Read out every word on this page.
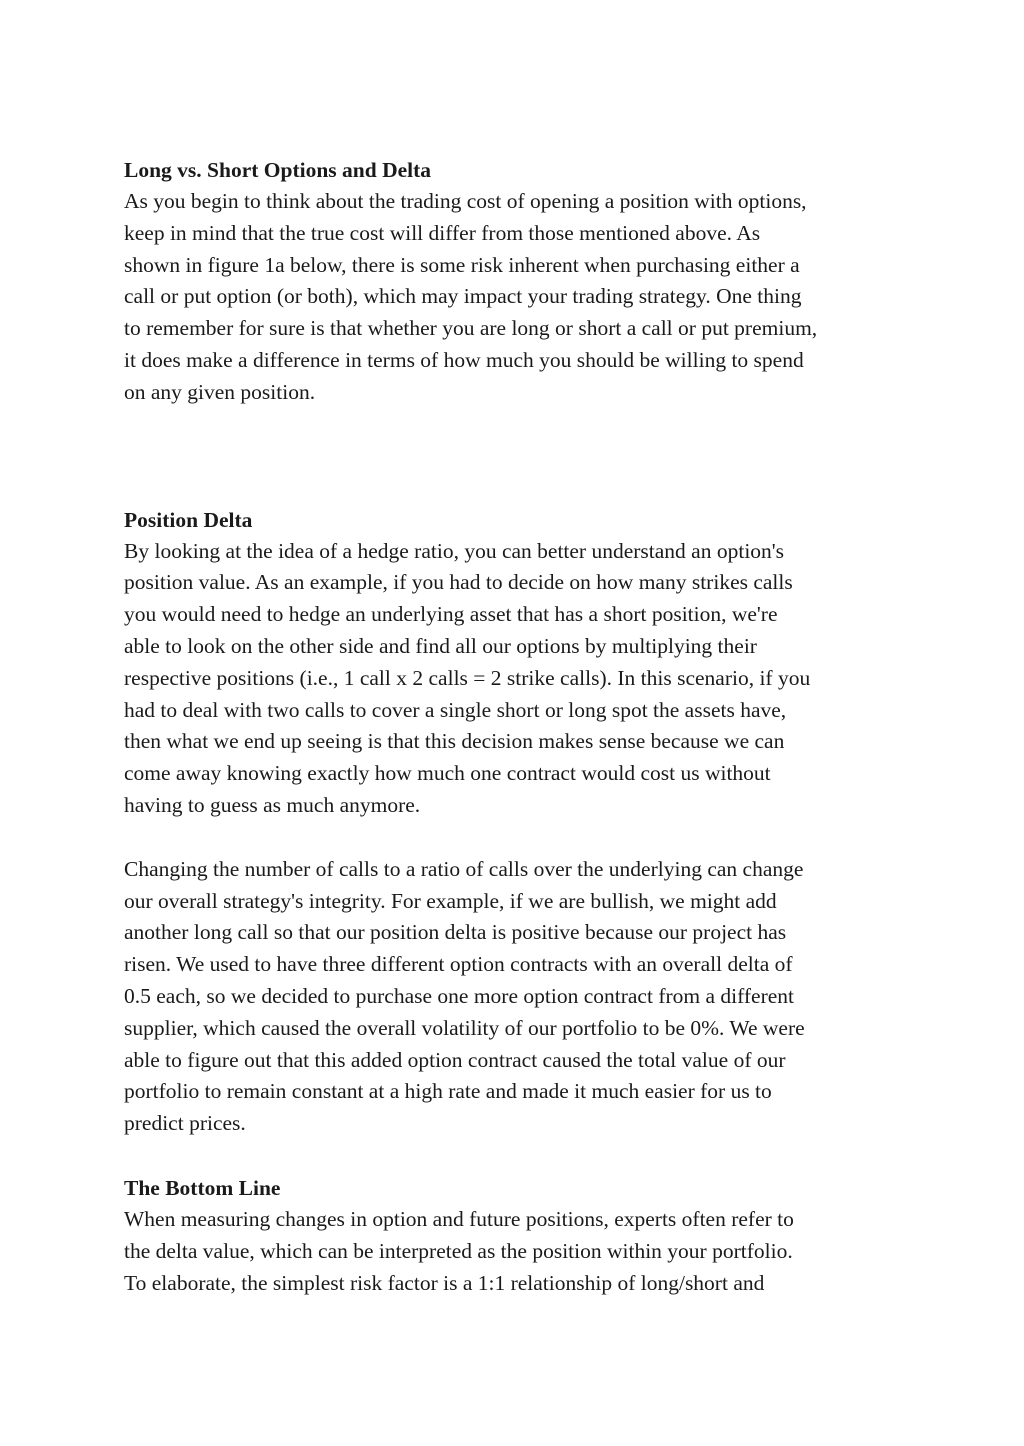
Long vs. Short Options and Delta

As you begin to think about the trading cost of opening a position with options,
keep in mind that the true cost will differ from those mentioned above. As
shown in figure 1a below, there is some risk inherent when purchasing either a
call or put option (or both), which may impact your trading strategy. One thing
to remember for sure is that whether you are long or short a call or put premium,
it does make a difference in terms of how much you should be willing to spend
on any given position.

Position Delta

By looking at the idea of a hedge ratio, you can better understand an option's
position value. As an example, if you had to decide on how many strikes calls
you would need to hedge an underlying asset that has a short position, we're
able to look on the other side and find all our options by multiplying their
respective positions (i.e., 1 call x 2 calls = 2 strike calls). In this scenario, if you
had to deal with two calls to cover a single short or long spot the assets have,
then what we end up seeing is that this decision makes sense because we can
come away knowing exactly how much one contract would cost us without
having to guess as much anymore.

Changing the number of calls to a ratio of calls over the underlying can change
our overall strategy's integrity. For example, if we are bullish, we might add
another long call so that our position delta is positive because our project has
risen. We used to have three different option contracts with an overall delta of
0.5 each, so we decided to purchase one more option contract from a different
supplier, which caused the overall volatility of our portfolio to be 0%. We were
able to figure out that this added option contract caused the total value of our
portfolio to remain constant at a high rate and made it much easier for us to
predict prices.

The Bottom Line

When measuring changes in option and future positions, experts often refer to
the delta value, which can be interpreted as the position within your portfolio.
To elaborate, the simplest risk factor is a 1:1 relationship of long/short and
